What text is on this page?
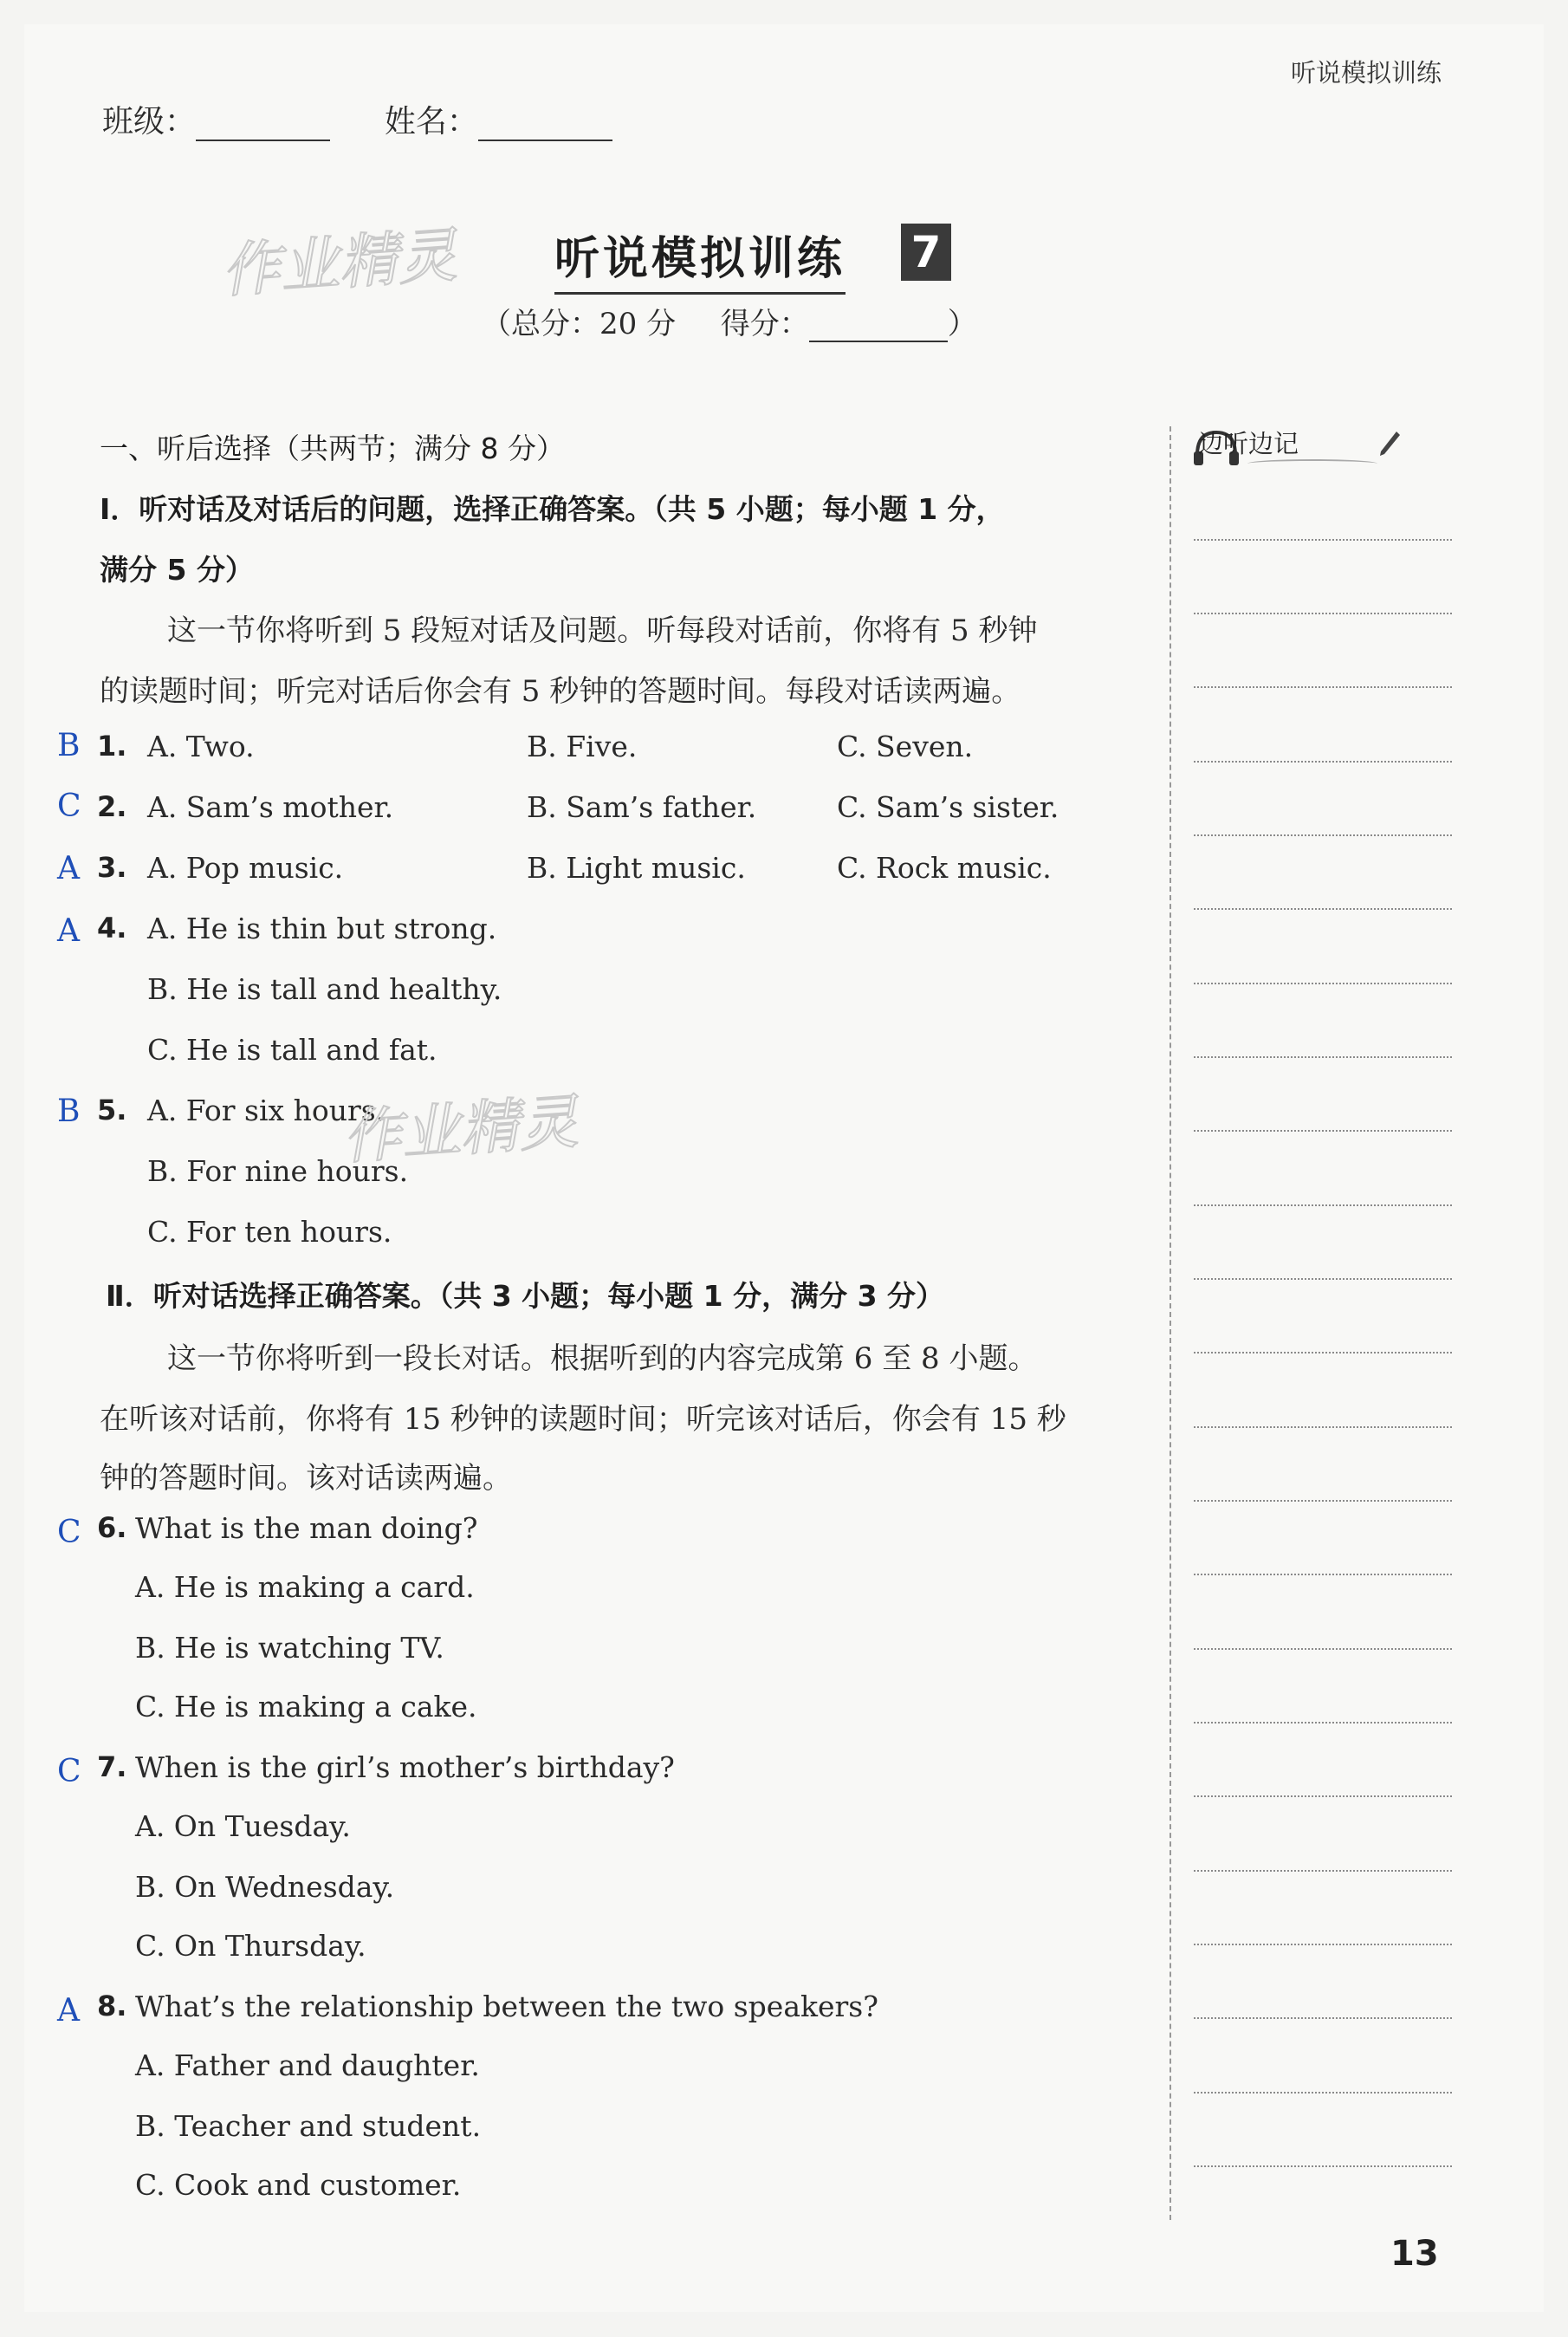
听说模拟训练
班级：	姓名：
作业精灵 听说模拟训练 7
（总分：20 分 得分：	）
一、听后选择（共两节；满分 8 分）
Ⅰ．听对话及对话后的问题，选择正确答案。（共 5 小题；每小题 1 分，
满分 5 分）
这一节你将听到 5 段短对话及问题。听每段对话前，你将有 5 秒钟
的读题时间；听完对话后你会有 5 秒钟的答题时间。每段对话读两遍。
B 1. A. Two.	B. Five.	C. Seven.
C 2. A. Sam’s mother.	B. Sam’s father.	C. Sam’s sister.
A 3. A. Pop music.	B. Light music.	C. Rock music.
A 4. A. He is thin but strong.
B. He is tall and healthy.
C. He is tall and fat.
B 5. A. For six hours.
B. For nine hours.
C. For ten hours.
作业精灵
Ⅱ．听对话选择正确答案。（共 3 小题；每小题 1 分，满分 3 分）
这一节你将听到一段长对话。根据听到的内容完成第 6 至 8 小题。
在听该对话前，你将有 15 秒钟的读题时间；听完该对话后，你会有 15 秒
钟的答题时间。该对话读两遍。
C 6. What is the man doing?
A. He is making a card.
B. He is watching TV.
C. He is making a cake.
C 7. When is the girl’s mother’s birthday?
A. On Tuesday.
B. On Wednesday.
C. On Thursday.
A 8. What’s the relationship between the two speakers?
A. Father and daughter.
B. Teacher and student.
C. Cook and customer.
边听边记
13
